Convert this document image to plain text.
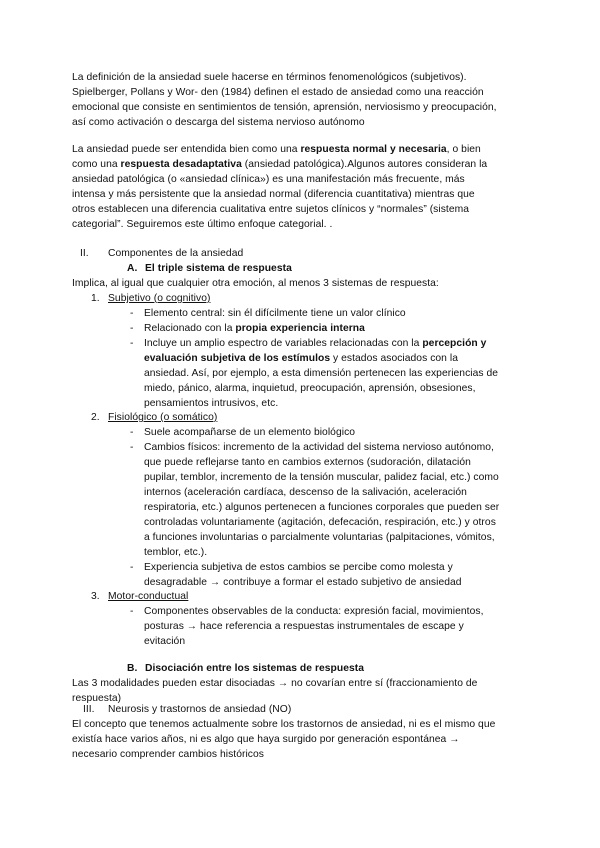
La definición de la ansiedad suele hacerse en términos fenomenológicos (subjetivos).
Spielberger, Pollans y Wor- den (1984) definen el estado de ansiedad como una reacción
emocional que consiste en sentimientos de tensión, aprensión, nerviosismo y preocupación,
así como activación o descarga del sistema nervioso autónomo
La ansiedad puede ser entendida bien como una respuesta normal y necesaria, o bien
como una respuesta desadaptativa (ansiedad patológica).Algunos autores consideran la
ansiedad patológica (o «ansiedad clínica») es una manifestación más frecuente, más
intensa y más persistente que la ansiedad normal (diferencia cuantitativa) mientras que
otros establecen una diferencia cualitativa entre sujetos clínicos y “normales” (sistema
categorial”. Seguiremos este último enfoque categorial. .
II. Componentes de la ansiedad
A. El triple sistema de respuesta
Implica, al igual que cualquier otra emoción, al menos 3 sistemas de respuesta:
1. Subjetivo (o cognitivo)
- Elemento central: sin él difícilmente tiene un valor clínico
- Relacionado con la propia experiencia interna
- Incluye un amplio espectro de variables relacionadas con la percepción y
evaluación subjetiva de los estímulos y estados asociados con la
ansiedad. Así, por ejemplo, a esta dimensión pertenecen las experiencias de
miedo, pánico, alarma, inquietud, preocupación, aprensión, obsesiones,
pensamientos intrusivos, etc.
2. Fisiológico (o somático)
- Suele acompañarse de un elemento biológico
- Cambios físicos: incremento de la actividad del sistema nervioso autónomo,
que puede reflejarse tanto en cambios externos (sudoración, dilatación
pupilar, temblor, incremento de la tensión muscular, palidez facial, etc.) como
internos (aceleración cardíaca, descenso de la salivación, aceleración
respiratoria, etc.) algunos pertenecen a funciones corporales que pueden ser
controladas voluntariamente (agitación, defecación, respiración, etc.) y otros
a funciones involuntarias o parcialmente voluntarias (palpitaciones, vómitos,
temblor, etc.).
- Experiencia subjetiva de estos cambios se percibe como molesta y
desagradable → contribuye a formar el estado subjetivo de ansiedad
3. Motor-conductual
- Componentes observables de la conducta: expresión facial, movimientos,
posturas → hace referencia a respuestas instrumentales de escape y
evitación
B. Disociación entre los sistemas de respuesta
Las 3 modalidades pueden estar disociadas → no covarían entre sí (fraccionamiento de
respuesta)
III. Neurosis y trastornos de ansiedad (NO)
El concepto que tenemos actualmente sobre los trastornos de ansiedad, ni es el mismo que
existía hace varios años, ni es algo que haya surgido por generación espontánea →
necesario comprender cambios históricos
